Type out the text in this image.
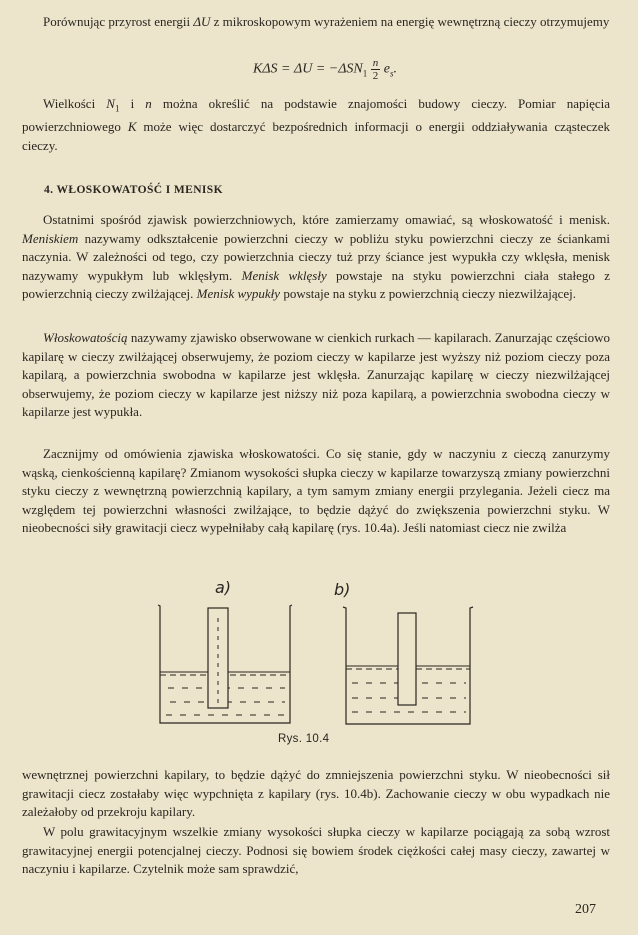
Porównując przyrost energii ΔU z mikroskopowym wyrażeniem na energię wewnętrzną cieczy otrzymujemy

$K\Delta S = \Delta U = -\Delta SN_1 \frac{n}{2} e_s$.

Wielkości $N_1$ i n można określić na podstawie znajomości budowy cieczy. Pomiar napięcia powierzchniowego K może więc dostarczyć bezpośrednich informacji o energii oddziaływania cząsteczek cieczy.

4. WŁOSKOWATOŚĆ I MENISK

Ostatnimi spośród zjawisk powierzchniowych, które zamierzamy omawiać, są włoskowatość i menisk. Meniskiem nazywamy odkształcenie powierzchni cieczy w pobliżu styku powierzchni cieczy ze ściankami naczynia. W zależności od tego, czy powierzchnia cieczy tuż przy ściance jest wypukła czy wklęsła, menisk nazywamy wypukłym lub wklęsłym. Menisk wklęsły powstaje na styku powierzchni ciała stałego z powierzchnią cieczy zwilżającej. Menisk wypukły powstaje na styku z powierzchnią cieczy niezwilżającej.

Włoskowatością nazywamy zjawisko obserwowane w cienkich rurkach — kapilarach. Zanurzając częściowo kapilarę w cieczy zwilżającej obserwujemy, że poziom cieczy w kapilarze jest wyższy niż poziom cieczy poza kapilarą, a powierzchnia swobodna w kapilarze jest wklęsła. Zanurzając kapilarę w cieczy niezwilżającej obserwujemy, że poziom cieczy w kapilarze jest niższy niż poza kapilarą, a powierzchnia swobodna cieczy w kapilarze jest wypukła.

Zacznijmy od omówienia zjawiska włoskowatości. Co się stanie, gdy w naczyniu z cieczą zanurzymy wąską, cienkościenną kapilarę? Zmianom wysokości słupka cieczy w kapilarze towarzyszą zmiany powierzchni styku cieczy z wewnętrzną powierzchnią kapilary, a tym samym zmiany energii przylegania. Jeżeli ciecz ma względem tej powierzchni własności zwilżające, to będzie dążyć do zwiększenia powierzchni styku. W nieobecności siły grawitacji ciecz wypełniłaby całą kapilarę (rys. 10.4a). Jeśli natomiast ciecz nie zwilża

a)	b)
Rys. 10.4

wewnętrznej powierzchni kapilary, to będzie dążyć do zmniejszenia powierzchni styku. W nieobecności sił grawitacji ciecz zostałaby więc wypchnięta z kapilary (rys. 10.4b). Zachowanie cieczy w obu wypadkach nie zależałoby od przekroju kapilary.

W polu grawitacyjnym wszelkie zmiany wysokości słupka cieczy w kapilarze pociągają za sobą wzrost grawitacyjnej energii potencjalnej cieczy. Podnosi się bowiem środek ciężkości całej masy cieczy, zawartej w naczyniu i kapilarze. Czytelnik może sam sprawdzić,

207
